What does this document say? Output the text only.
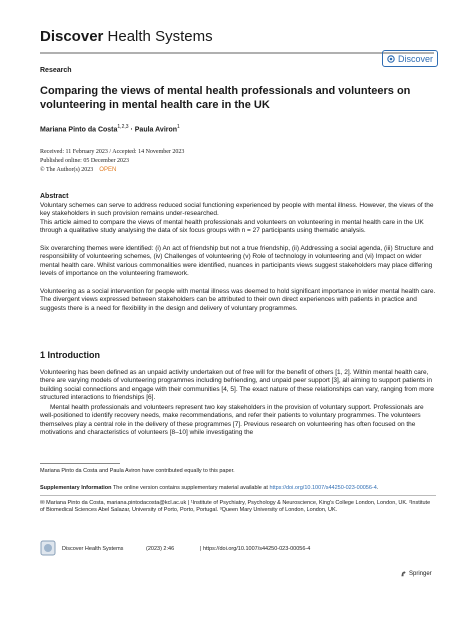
Discover Health Systems
Discover
Research
Comparing the views of mental health professionals and volunteers on volunteering in mental health care in the UK
Mariana Pinto da Costa$^{1,2,3}$ · Paula Aviron$^1$
Received: 11 February 2023 / Accepted: 14 November 2023
Published online: 05 December 2023
© The Author(s) 2023 OPEN
Abstract
Voluntary schemes can serve to address reduced social functioning experienced by people with mental illness. However, the views of the key stakeholders in such provision remains under-researched.
This article aimed to compare the views of mental health professionals and volunteers on volunteering in mental health care in the UK through a qualitative study analysing the data of six focus groups with n = 27 participants using thematic analysis.
Six overarching themes were identified: (i) An act of friendship but not a true friendship, (ii) Addressing a social agenda, (iii) Structure and responsibility of volunteering schemes, (iv) Challenges of volunteering (v) Role of technology in volunteering and (vi) Impact on wider mental health care. Whilst various commonalities were identified, nuances in participants views suggest stakeholders may place differing levels of importance on the volunteering framework.
Volunteering as a social intervention for people with mental illness was deemed to hold significant importance in wider mental health care. The divergent views expressed between stakeholders can be attributed to their own direct experiences with patients in practice and suggests there is a need for flexibility in the design and delivery of voluntary programmes.
1 Introduction
Volunteering has been defined as an unpaid activity undertaken out of free will for the benefit of others [1, 2]. Within mental health care, there are varying models of volunteering programmes including befriending, and unpaid peer support [3], all aiming to support patients in building social connections and engage with their communities [4, 5]. The exact nature of these relationships can vary, ranging from more structured interactions to friendships [6].
Mental health professionals and volunteers represent two key stakeholders in the provision of voluntary support. Professionals are well-positioned to identify recovery needs, make recommendations, and refer their patients to voluntary programmes. The volunteers themselves play a central role in the delivery of these programmes [7]. Previous research on volunteering has often focused on the motivations and characteristics of volunteers [8–10] while investigating the
Mariana Pinto da Costa and Paula Aviron have contributed equally to this paper.
Supplementary Information The online version contains supplementary material available at https://doi.org/10.1007/s44250-023-00056-4.
✉ Mariana Pinto da Costa, mariana.pintodacosta@kcl.ac.uk | ¹Institute of Psychiatry, Psychology & Neuroscience, King's College London, London, UK. ²Institute of Biomedical Sciences Abel Salazar, University of Porto, Porto, Portugal. ³Queen Mary University of London, London, UK.
Discover Health Systems	(2023) 2:46	| https://doi.org/10.1007/s44250-023-00056-4
Springer
